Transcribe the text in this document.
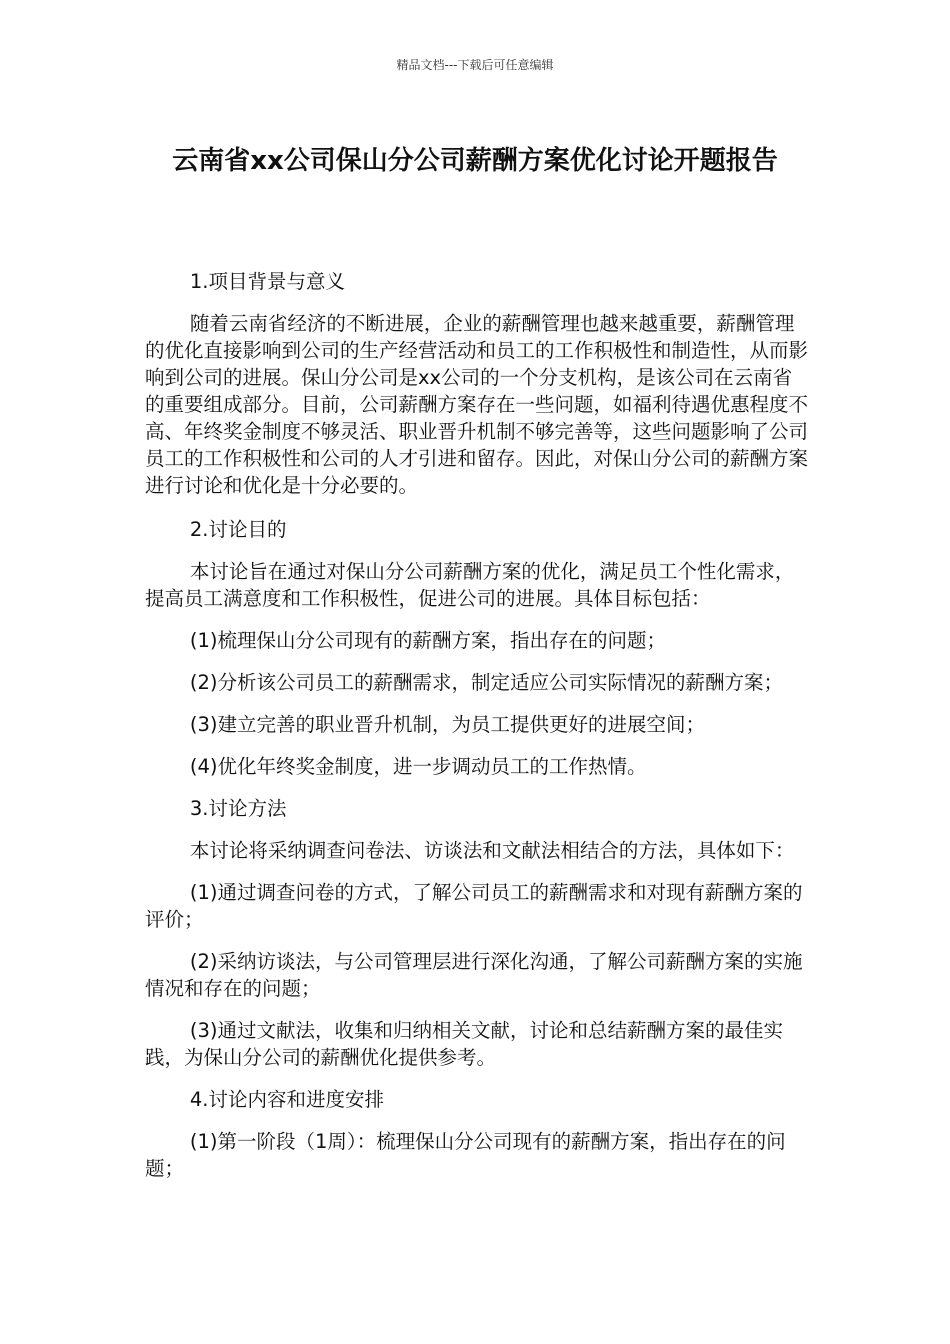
精品文档---下载后可任意编辑
云南省xx公司保山分公司薪酬方案优化讨论开题报告

1.项目背景与意义

随着云南省经济的不断进展，企业的薪酬管理也越来越重要，薪酬管理的优化直接影响到公司的生产经营活动和员工的工作积极性和制造性，从而影响到公司的进展。保山分公司是xx公司的一个分支机构，是该公司在云南省的重要组成部分。目前，公司薪酬方案存在一些问题，如福利待遇优惠程度不高、年终奖金制度不够灵活、职业晋升机制不够完善等，这些问题影响了公司员工的工作积极性和公司的人才引进和留存。因此，对保山分公司的薪酬方案进行讨论和优化是十分必要的。

2.讨论目的

本讨论旨在通过对保山分公司薪酬方案的优化，满足员工个性化需求，提高员工满意度和工作积极性，促进公司的进展。具体目标包括：

(1)梳理保山分公司现有的薪酬方案，指出存在的问题；

(2)分析该公司员工的薪酬需求，制定适应公司实际情况的薪酬方案；

(3)建立完善的职业晋升机制，为员工提供更好的进展空间；

(4)优化年终奖金制度，进一步调动员工的工作热情。

3.讨论方法

本讨论将采纳调查问卷法、访谈法和文献法相结合的方法，具体如下：

(1)通过调查问卷的方式，了解公司员工的薪酬需求和对现有薪酬方案的评价；

(2)采纳访谈法，与公司管理层进行深化沟通，了解公司薪酬方案的实施情况和存在的问题；

(3)通过文献法，收集和归纳相关文献，讨论和总结薪酬方案的最佳实践，为保山分公司的薪酬优化提供参考。

4.讨论内容和进度安排

(1)第一阶段（1周）：梳理保山分公司现有的薪酬方案，指出存在的问题；
